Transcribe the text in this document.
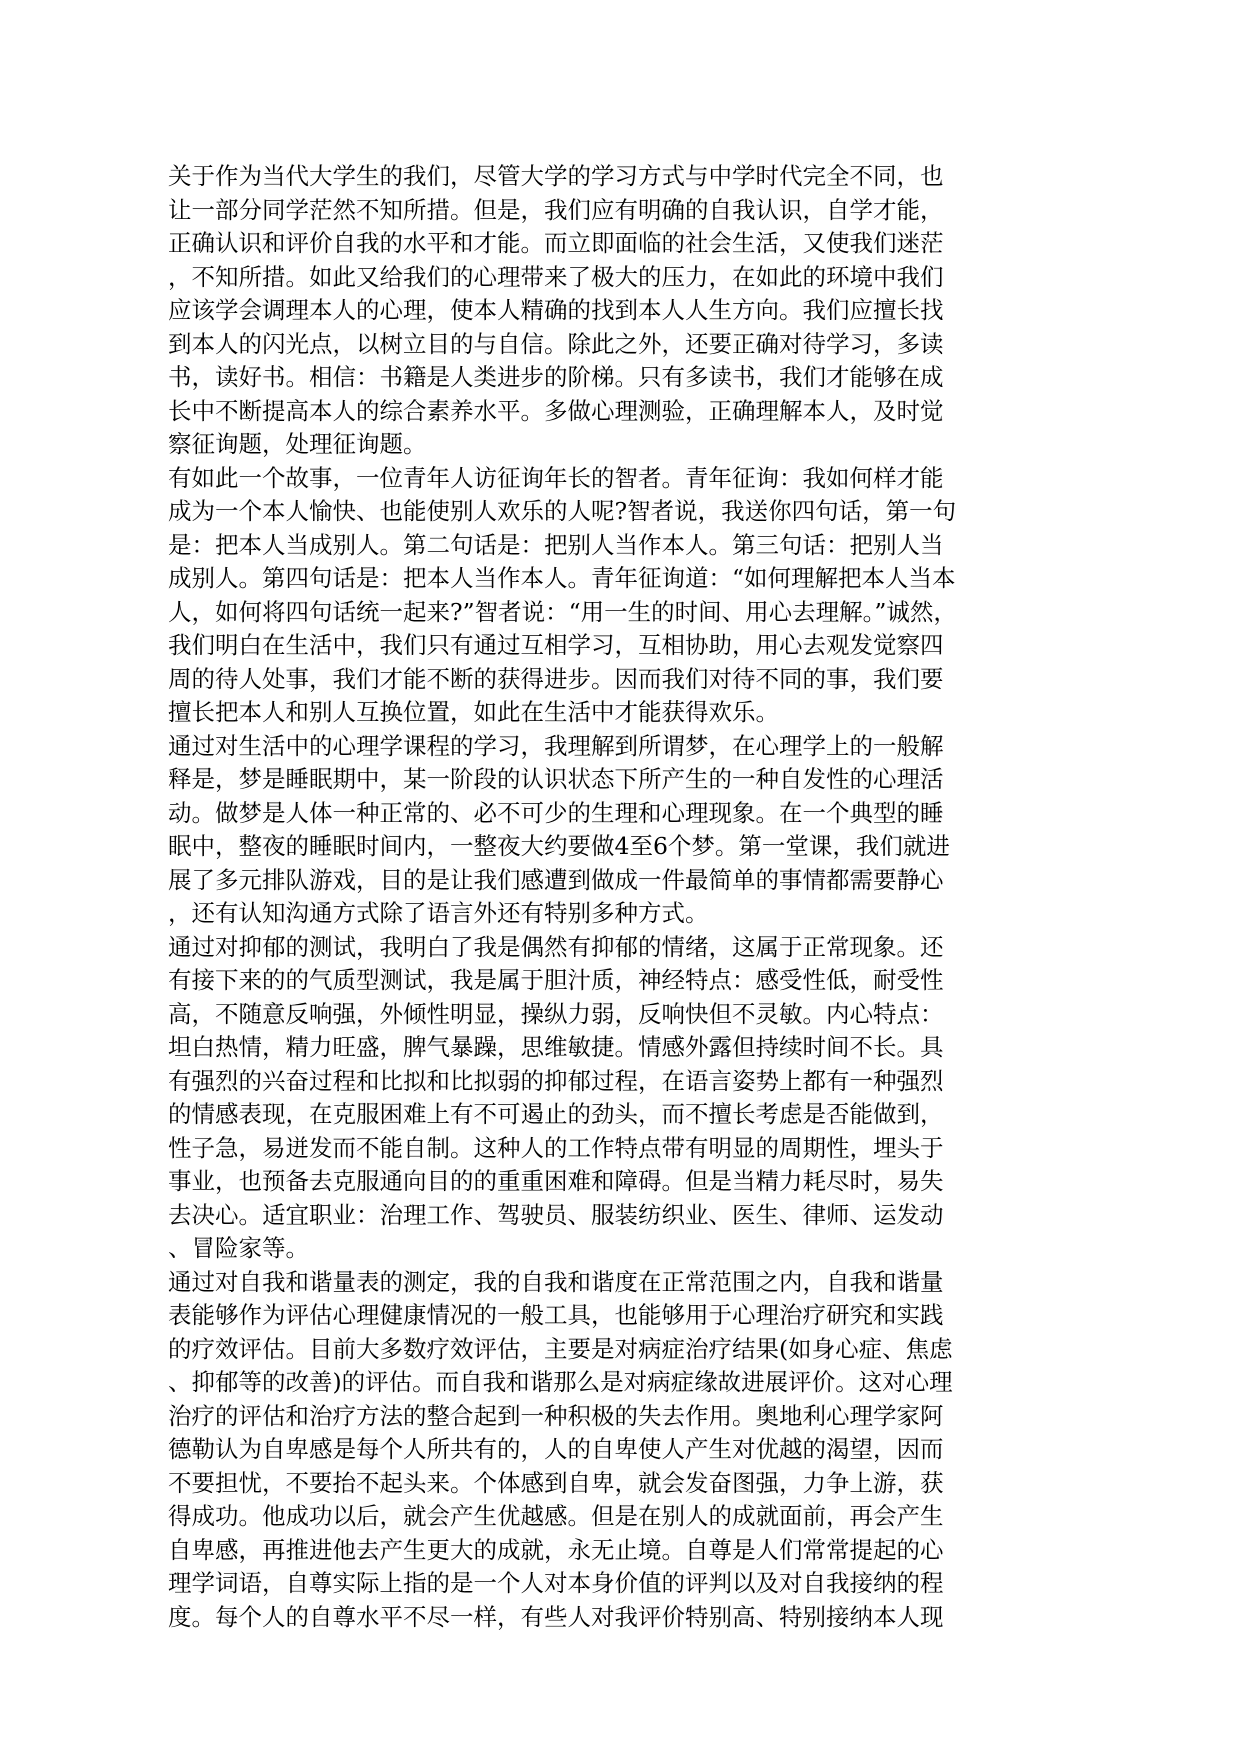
关于作为当代大学生的我们，尽管大学的学习方式与中学时代完全不同，也
让一部分同学茫然不知所措。但是，我们应有明确的自我认识，自学才能，
正确认识和评价自我的水平和才能。而立即面临的社会生活，又使我们迷茫
，不知所措。如此又给我们的心理带来了极大的压力，在如此的环境中我们
应该学会调理本人的心理，使本人精确的找到本人人生方向。我们应擅长找
到本人的闪光点，以树立目的与自信。除此之外，还要正确对待学习，多读
书，读好书。相信：书籍是人类进步的阶梯。只有多读书，我们才能够在成
长中不断提高本人的综合素养水平。多做心理测验，正确理解本人，及时觉
察征询题，处理征询题。
有如此一个故事，一位青年人访征询年长的智者。青年征询：我如何样才能
成为一个本人愉快、也能使别人欢乐的人呢?智者说，我送你四句话，第一句
是：把本人当成别人。第二句话是：把别人当作本人。第三句话：把别人当
成别人。第四句话是：把本人当作本人。青年征询道：“如何理解把本人当本
人，如何将四句话统一起来?”智者说：“用一生的时间、用心去理解。”诚然，
我们明白在生活中，我们只有通过互相学习，互相协助，用心去观发觉察四
周的待人处事，我们才能不断的获得进步。因而我们对待不同的事，我们要
擅长把本人和别人互换位置，如此在生活中才能获得欢乐。
通过对生活中的心理学课程的学习，我理解到所谓梦，在心理学上的一般解
释是，梦是睡眠期中，某一阶段的认识状态下所产生的一种自发性的心理活
动。做梦是人体一种正常的、必不可少的生理和心理现象。在一个典型的睡
眠中，整夜的睡眠时间内，一整夜大约要做4至6个梦。第一堂课，我们就进
展了多元排队游戏，目的是让我们感遭到做成一件最简单的事情都需要静心
，还有认知沟通方式除了语言外还有特别多种方式。
通过对抑郁的测试，我明白了我是偶然有抑郁的情绪，这属于正常现象。还
有接下来的的气质型测试，我是属于胆汁质，神经特点：感受性低，耐受性
高，不随意反响强，外倾性明显，操纵力弱，反响快但不灵敏。内心特点：
坦白热情，精力旺盛，脾气暴躁，思维敏捷。情感外露但持续时间不长。具
有强烈的兴奋过程和比拟和比拟弱的抑郁过程，在语言姿势上都有一种强烈
的情感表现，在克服困难上有不可遏止的劲头，而不擅长考虑是否能做到，
性子急，易迸发而不能自制。这种人的工作特点带有明显的周期性，埋头于
事业，也预备去克服通向目的的重重困难和障碍。但是当精力耗尽时，易失
去决心。适宜职业：治理工作、驾驶员、服装纺织业、医生、律师、运发动
、冒险家等。
通过对自我和谐量表的测定，我的自我和谐度在正常范围之内，自我和谐量
表能够作为评估心理健康情况的一般工具，也能够用于心理治疗研究和实践
的疗效评估。目前大多数疗效评估，主要是对病症治疗结果(如身心症、焦虑
、抑郁等的改善)的评估。而自我和谐那么是对病症缘故进展评价。这对心理
治疗的评估和治疗方法的整合起到一种积极的失去作用。奥地利心理学家阿
德勒认为自卑感是每个人所共有的，人的自卑使人产生对优越的渴望，因而
不要担忧，不要抬不起头来。个体感到自卑，就会发奋图强，力争上游，获
得成功。他成功以后，就会产生优越感。但是在别人的成就面前，再会产生
自卑感，再推进他去产生更大的成就，永无止境。自尊是人们常常提起的心
理学词语，自尊实际上指的是一个人对本身价值的评判以及对自我接纳的程
度。每个人的自尊水平不尽一样，有些人对我评价特别高、特别接纳本人现
